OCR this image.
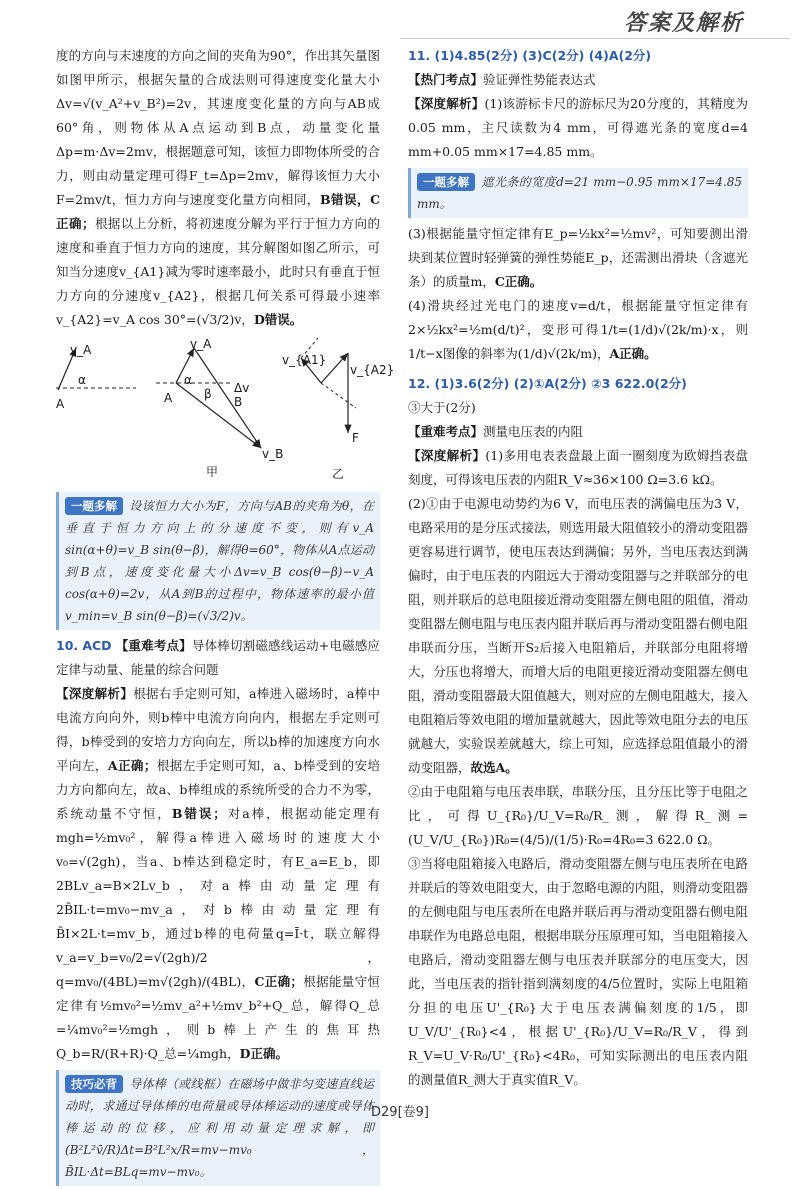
答案及解析

度的方向与末速度的方向之间的夹角为90°，作出其矢量图如图甲所示，根据矢量的合成法则可得速度变化量大小Δv=√(v_A²+v_B²)=2v，其速度变化量的方向与AB成60°角，则物体从A点运动到B点，动量变化量Δp=m·Δv=2mv，根据题意可知，该恒力即物体所受的合力，则由动量定理可得F_t=Δp=2mv，解得该恒力大小F=2mv/t，恒力方向与速度变化量方向相同，B错误，C正确；根据以上分析，将初速度分解为平行于恒力方向的速度和垂直于恒力方向的速度，其分解图如图乙所示，可知当分速度v_{A1}减为零时速率最小，此时只有垂直于恒力方向的分速度v_{A2}，根据几何关系可得最小速率v_{A2}=v_A cos 30°=(√3/2)v，D错误。

v_A
α
A
v_A
Δv
α
β
A	B
v_B
v_{A1}
v_{A2}
F
甲	乙
一题多解 设该恒力大小为F，方向与AB的夹角为θ，在垂直于恒力方向上的分速度不变，则有v_A sin(α+θ)=v_B sin(θ−β)，解得θ=60°，物体从A点运动到B点，速度变化量大小Δv=v_B cos(θ−β)−v_A cos(α+θ)=2v，从A到B的过程中，物体速率的最小值v_min=v_B sin(θ−β)=(√3/2)v。

10. ACD 【重难考点】导体棒切割磁感线运动+电磁感应定律与动量、能量的综合问题

【深度解析】根据右手定则可知，a棒进入磁场时，a棒中电流方向向外，则b棒中电流方向向内，根据左手定则可得，b棒受到的安培力方向向左，所以b棒的加速度方向水平向左，A正确；根据左手定则可知，a、b棒受到的安培力方向都向左，故a、b棒组成的系统所受的合力不为零，系统动量不守恒，B错误；对a棒，根据动能定理有mgh=½mv₀²，解得a棒进入磁场时的速度大小v₀=√(2gh)，当a、b棒达到稳定时，有E_a=E_b，即2BLv_a=B×2Lv_b，对a棒由动量定理有2B̄IL·t=mv₀−mv_a，对b棒由动量定理有B̄I×2L·t=mv_b，通过b棒的电荷量q=Ī·t，联立解得v_a=v_b=v₀/2=√(2gh)/2，q=mv₀/(4BL)=m√(2gh)/(4BL)，C正确；根据能量守恒定律有½mv₀²=½mv_a²+½mv_b²+Q_总，解得Q_总=¼mv₀²=½mgh，则b棒上产生的焦耳热Q_b=R/(R+R)·Q_总=¼mgh，D正确。

技巧必背 导体棒（或线框）在磁场中做非匀变速直线运动时，求通过导体棒的电荷量或导体棒运动的速度或导体棒运动的位移，应利用动量定理求解，即(B²L²v̄/R)Δt=B²L²x/R=mv−mv₀，B̄IL·Δt=BLq=mv−mv₀。

11. (1)4.85(2分) (3)C(2分) (4)A(2分)

【热门考点】验证弹性势能表达式

【深度解析】(1)该游标卡尺的游标尺为20分度的，其精度为0.05 mm，主尺读数为4 mm，可得遮光条的宽度d=4 mm+0.05 mm×17=4.85 mm。

一题多解 遮光条的宽度d=21 mm−0.95 mm×17=4.85 mm。

(3)根据能量守恒定律有E_p=½kx²=½mv²，可知要测出滑块到某位置时轻弹簧的弹性势能E_p，还需测出滑块（含遮光条）的质量m，C正确。

(4)滑块经过光电门的速度v=d/t，根据能量守恒定律有2×½kx²=½m(d/t)²，变形可得1/t=(1/d)√(2k/m)·x，则1/t−x图像的斜率为(1/d)√(2k/m)，A正确。

12. (1)3.6(2分) (2)①A(2分) ②3 622.0(2分)

③大于(2分)

【重难考点】测量电压表的内阻

【深度解析】(1)多用电表表盘最上面一圈刻度为欧姆挡表盘刻度，可得该电压表的内阻R_V≈36×100 Ω=3.6 kΩ。

(2)①由于电源电动势约为6 V，而电压表的满偏电压为3 V，电路采用的是分压式接法，则选用最大阻值较小的滑动变阻器更容易进行调节，使电压表达到满偏；另外，当电压表达到满偏时，由于电压表的内阻远大于滑动变阻器与之并联部分的电阻，则并联后的总电阻接近滑动变阻器左侧电阻的阻值，滑动变阻器左侧电阻与电压表内阻并联后再与滑动变阻器右侧电阻串联而分压，当断开S₂后接入电阻箱后，并联部分电阻将增大，分压也将增大，而增大后的电阻更接近滑动变阻器左侧电阻，滑动变阻器最大阻值越大，则对应的左侧电阻越大，接入电阻箱后等效电阻的增加量就越大，因此等效电阻分去的电压就越大，实验误差就越大，综上可知，应选择总阻值最小的滑动变阻器，故选A。

②由于电阻箱与电压表串联，串联分压，且分压比等于电阻之比，可得U_{R₀}/U_V=R₀/R_测，解得R_测=(U_V/U_{R₀})R₀=(4/5)/(1/5)·R₀=4R₀=3 622.0 Ω。

③当将电阻箱接入电路后，滑动变阻器左侧与电压表所在电路并联后的等效电阻变大，由于忽略电源的内阻，则滑动变阻器的左侧电阻与电压表所在电路并联后再与滑动变阻器右侧电阻串联作为电路总电阻，根据串联分压原理可知，当电阻箱接入电路后，滑动变阻器左侧与电压表并联部分的电压变大，因此，当电压表的指针指到满刻度的4/5位置时，实际上电阻箱分担的电压U'_{R₀}大于电压表满偏刻度的1/5，即U_V/U'_{R₀}<4，根据U'_{R₀}/U_V=R₀/R_V，得到R_V=U_V·R₀/U'_{R₀}<4R₀，可知实际测出的电压表内阻的测量值R_测大于真实值R_V。

D29[卷9]
